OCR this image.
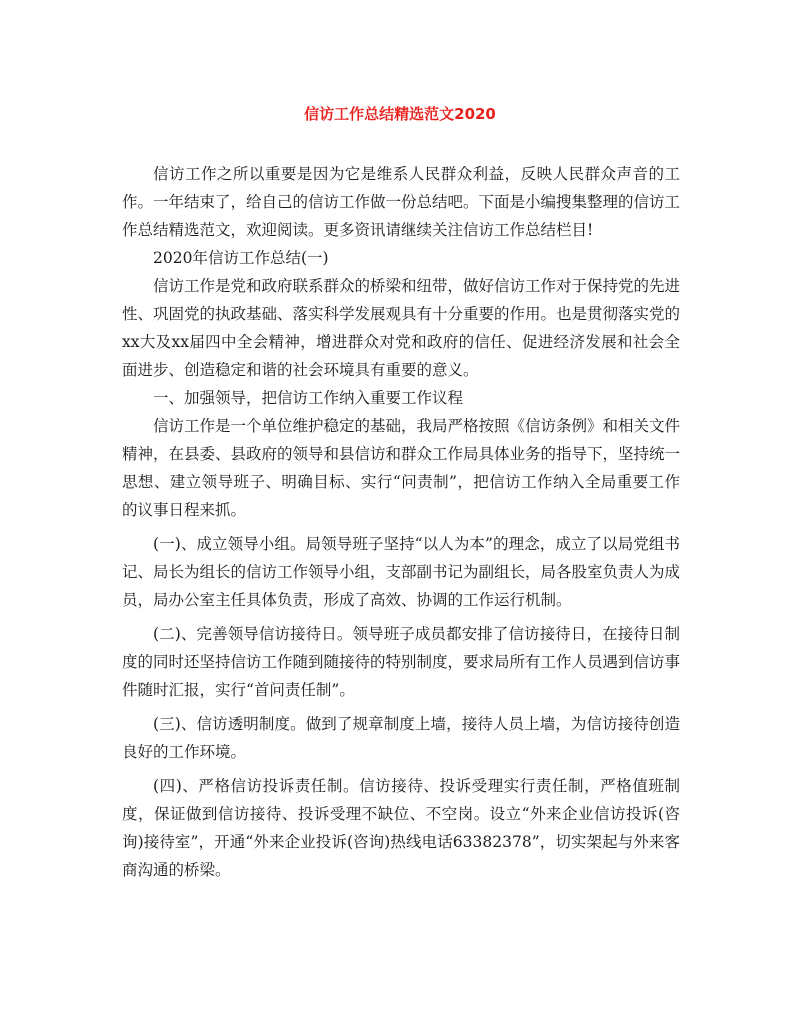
信访工作总结精选范文2020

信访工作之所以重要是因为它是维系人民群众利益，反映人民群众声音的工作。一年结束了，给自己的信访工作做一份总结吧。下面是小编搜集整理的信访工作总结精选范文，欢迎阅读。更多资讯请继续关注信访工作总结栏目!

2020年信访工作总结(一)

信访工作是党和政府联系群众的桥梁和纽带，做好信访工作对于保持党的先进性、巩固党的执政基础、落实科学发展观具有十分重要的作用。也是贯彻落实党的xx大及xx届四中全会精神，增进群众对党和政府的信任、促进经济发展和社会全面进步、创造稳定和谐的社会环境具有重要的意义。

一、加强领导，把信访工作纳入重要工作议程

信访工作是一个单位维护稳定的基础，我局严格按照《信访条例》和相关文件精神，在县委、县政府的领导和县信访和群众工作局具体业务的指导下，坚持统一思想、建立领导班子、明确目标、实行“问责制”，把信访工作纳入全局重要工作的议事日程来抓。

(一)、成立领导小组。局领导班子坚持“以人为本”的理念，成立了以局党组书记、局长为组长的信访工作领导小组，支部副书记为副组长，局各股室负责人为成员，局办公室主任具体负责，形成了高效、协调的工作运行机制。

(二)、完善领导信访接待日。领导班子成员都安排了信访接待日，在接待日制度的同时还坚持信访工作随到随接待的特别制度，要求局所有工作人员遇到信访事件随时汇报，实行“首问责任制”。

(三)、信访透明制度。做到了规章制度上墙，接待人员上墙，为信访接待创造良好的工作环境。

(四)、严格信访投诉责任制。信访接待、投诉受理实行责任制，严格值班制度，保证做到信访接待、投诉受理不缺位、不空岗。设立“外来企业信访投诉(咨询)接待室”，开通“外来企业投诉(咨询)热线电话63382378”，切实架起与外来客商沟通的桥梁。
